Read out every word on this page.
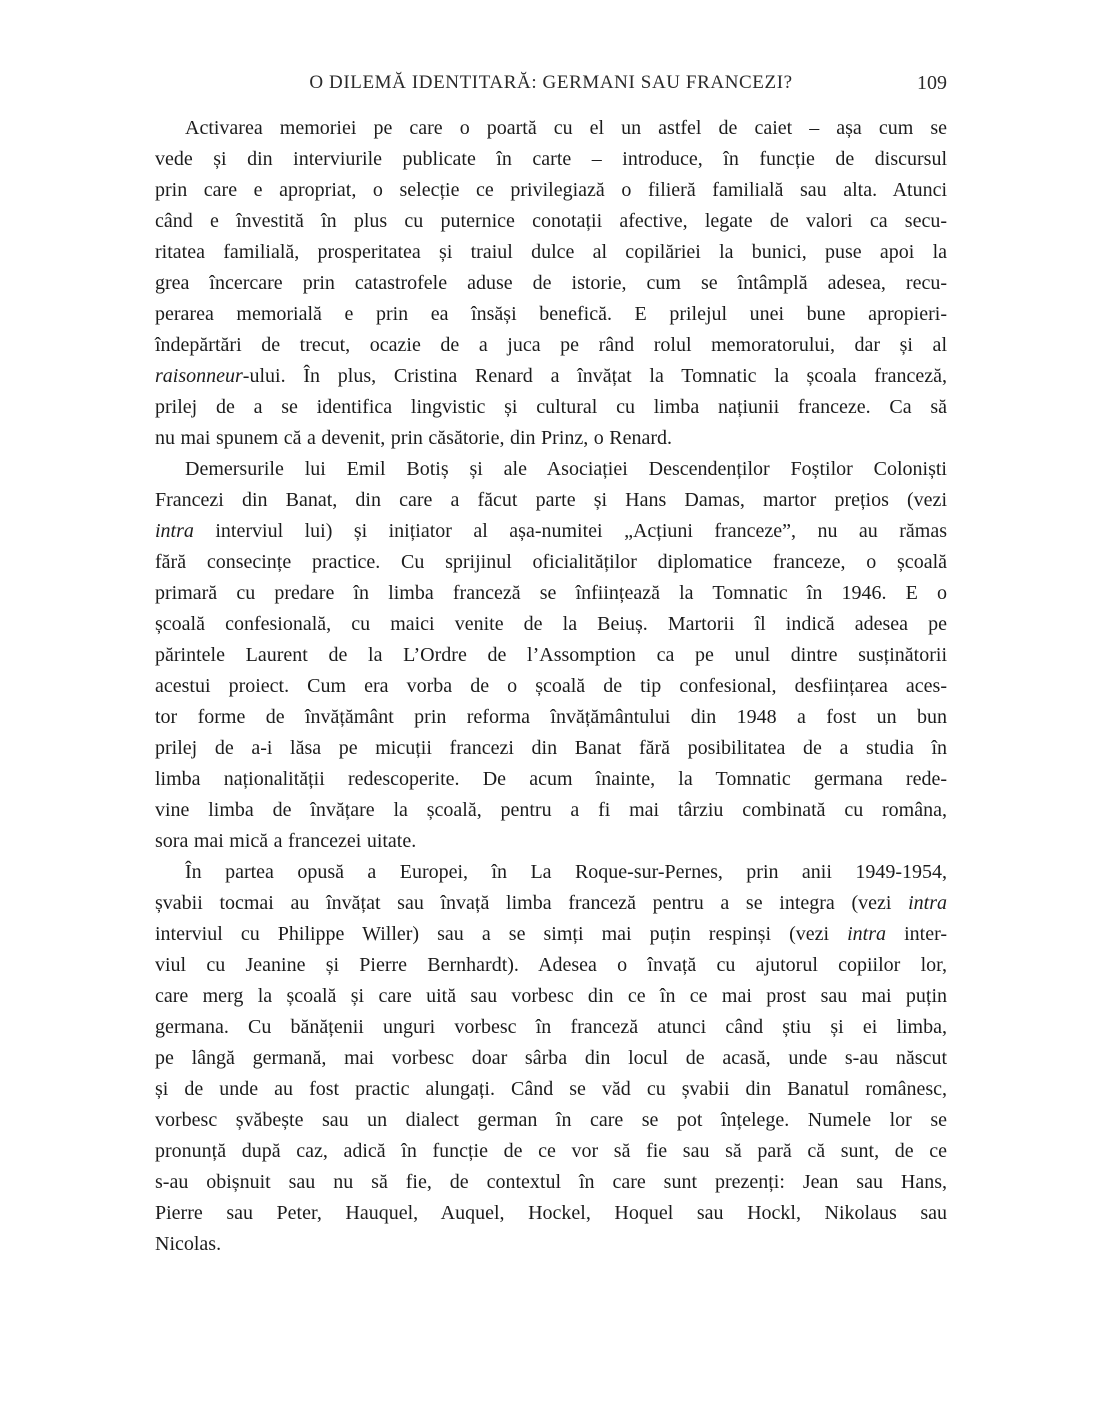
O DILEMĂ IDENTITARĂ: GERMANI SAU FRANCEZI?	109
Activarea memoriei pe care o poartă cu el un astfel de caiet – așa cum se
vede și din interviurile publicate în carte – introduce, în funcție de discursul
prin care e apropriat, o selecție ce privilegiază o filieră familială sau alta. Atunci
când e învestită în plus cu puternice conotații afective, legate de valori ca secu-
ritatea familială, prosperitatea și traiul dulce al copilăriei la bunici, puse apoi la
grea încercare prin catastrofele aduse de istorie, cum se întâmplă adesea, recu-
perarea memorială e prin ea însăși benefică. E prilejul unei bune apropieri-
îndepărtări de trecut, ocazie de a juca pe rând rolul memoratorului, dar și al
raisonneur-ului. În plus, Cristina Renard a învățat la Tomnatic la școala franceză,
prilej de a se identifica lingvistic și cultural cu limba națiunii franceze. Ca să
nu mai spunem că a devenit, prin căsătorie, din Prinz, o Renard.
Demersurile lui Emil Botiș și ale Asociației Descendenților Foștilor Coloniști
Francezi din Banat, din care a făcut parte și Hans Damas, martor prețios (vezi
intra interviul lui) și inițiator al așa-numitei „Acțiuni franceze”, nu au rămas
fără consecințe practice. Cu sprijinul oficialităților diplomatice franceze, o școală
primară cu predare în limba franceză se înființează la Tomnatic în 1946. E o
școală confesională, cu maici venite de la Beiuș. Martorii îl indică adesea pe
părintele Laurent de la L’Ordre de l’Assomption ca pe unul dintre susținătorii
acestui proiect. Cum era vorba de o școală de tip confesional, desființarea aces-
tor forme de învățământ prin reforma învățământului din 1948 a fost un bun
prilej de a-i lăsa pe micuții francezi din Banat fără posibilitatea de a studia în
limba naționalității redescoperite. De acum înainte, la Tomnatic germana rede-
vine limba de învățare la școală, pentru a fi mai târziu combinată cu româna,
sora mai mică a francezei uitate.
În partea opusă a Europei, în La Roque-sur-Pernes, prin anii 1949-1954,
șvabii tocmai au învățat sau învață limba franceză pentru a se integra (vezi intra
interviul cu Philippe Willer) sau a se simți mai puțin respinși (vezi intra inter-
viul cu Jeanine și Pierre Bernhardt). Adesea o învață cu ajutorul copiilor lor,
care merg la școală și care uită sau vorbesc din ce în ce mai prost sau mai puțin
germana. Cu bănățenii unguri vorbesc în franceză atunci când știu și ei limba,
pe lângă germană, mai vorbesc doar sârba din locul de acasă, unde s-au născut
și de unde au fost practic alungați. Când se văd cu șvabii din Banatul românesc,
vorbesc șvăbește sau un dialect german în care se pot înțelege. Numele lor se
pronunță după caz, adică în funcție de ce vor să fie sau să pară că sunt, de ce
s-au obișnuit sau nu să fie, de contextul în care sunt prezenți: Jean sau Hans,
Pierre sau Peter, Hauquel, Auquel, Hockel, Hoquel sau Hockl, Nikolaus sau
Nicolas.
